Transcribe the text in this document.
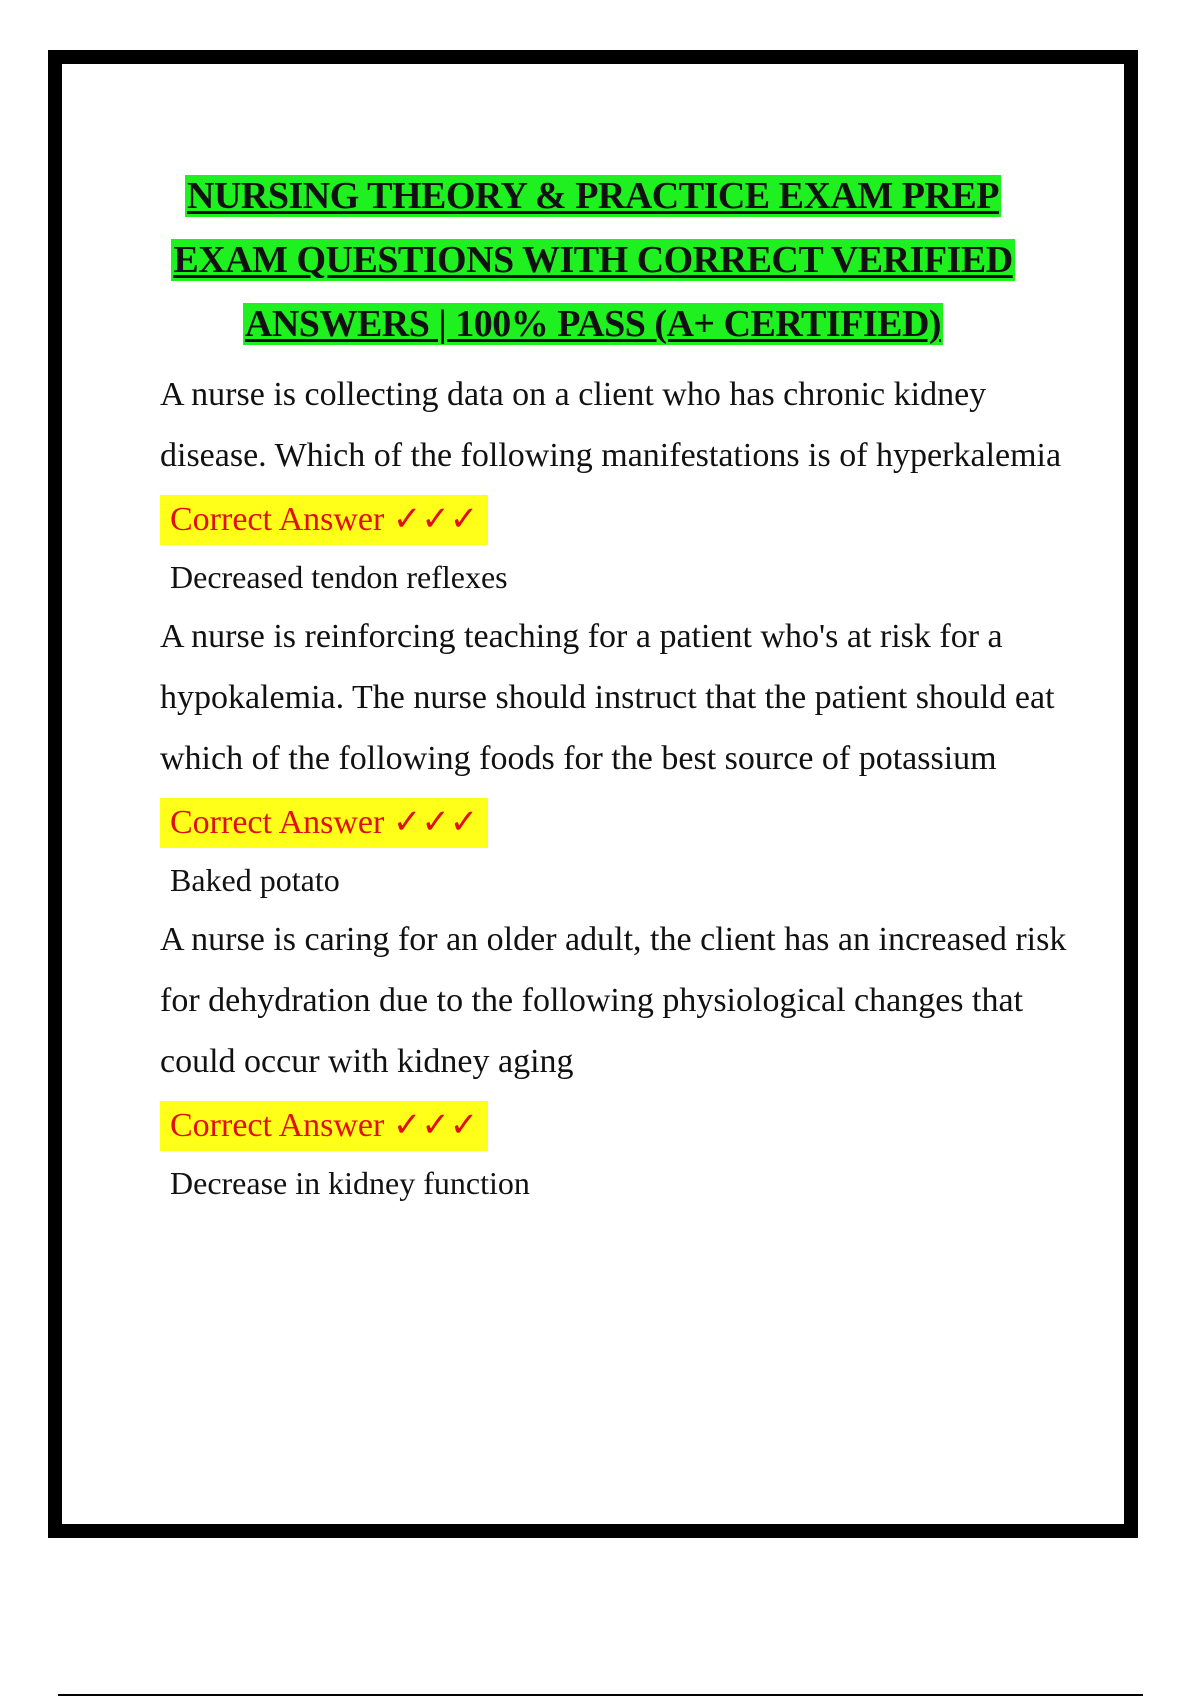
NURSING THEORY & PRACTICE EXAM PREP
EXAM QUESTIONS WITH CORRECT VERIFIED
ANSWERS | 100% PASS (A+ CERTIFIED)

A nurse is collecting data on a client who has chronic kidney disease. Which of the following manifestations is of hyperkalemia

Correct Answer ✓✓✓

Decreased tendon reflexes

A nurse is reinforcing teaching for a patient who's at risk for a hypokalemia. The nurse should instruct that the patient should eat which of the following foods for the best source of potassium

Correct Answer ✓✓✓

Baked potato

A nurse is caring for an older adult, the client has an increased risk for dehydration due to the following physiological changes that could occur with kidney aging

Correct Answer ✓✓✓

Decrease in kidney function
